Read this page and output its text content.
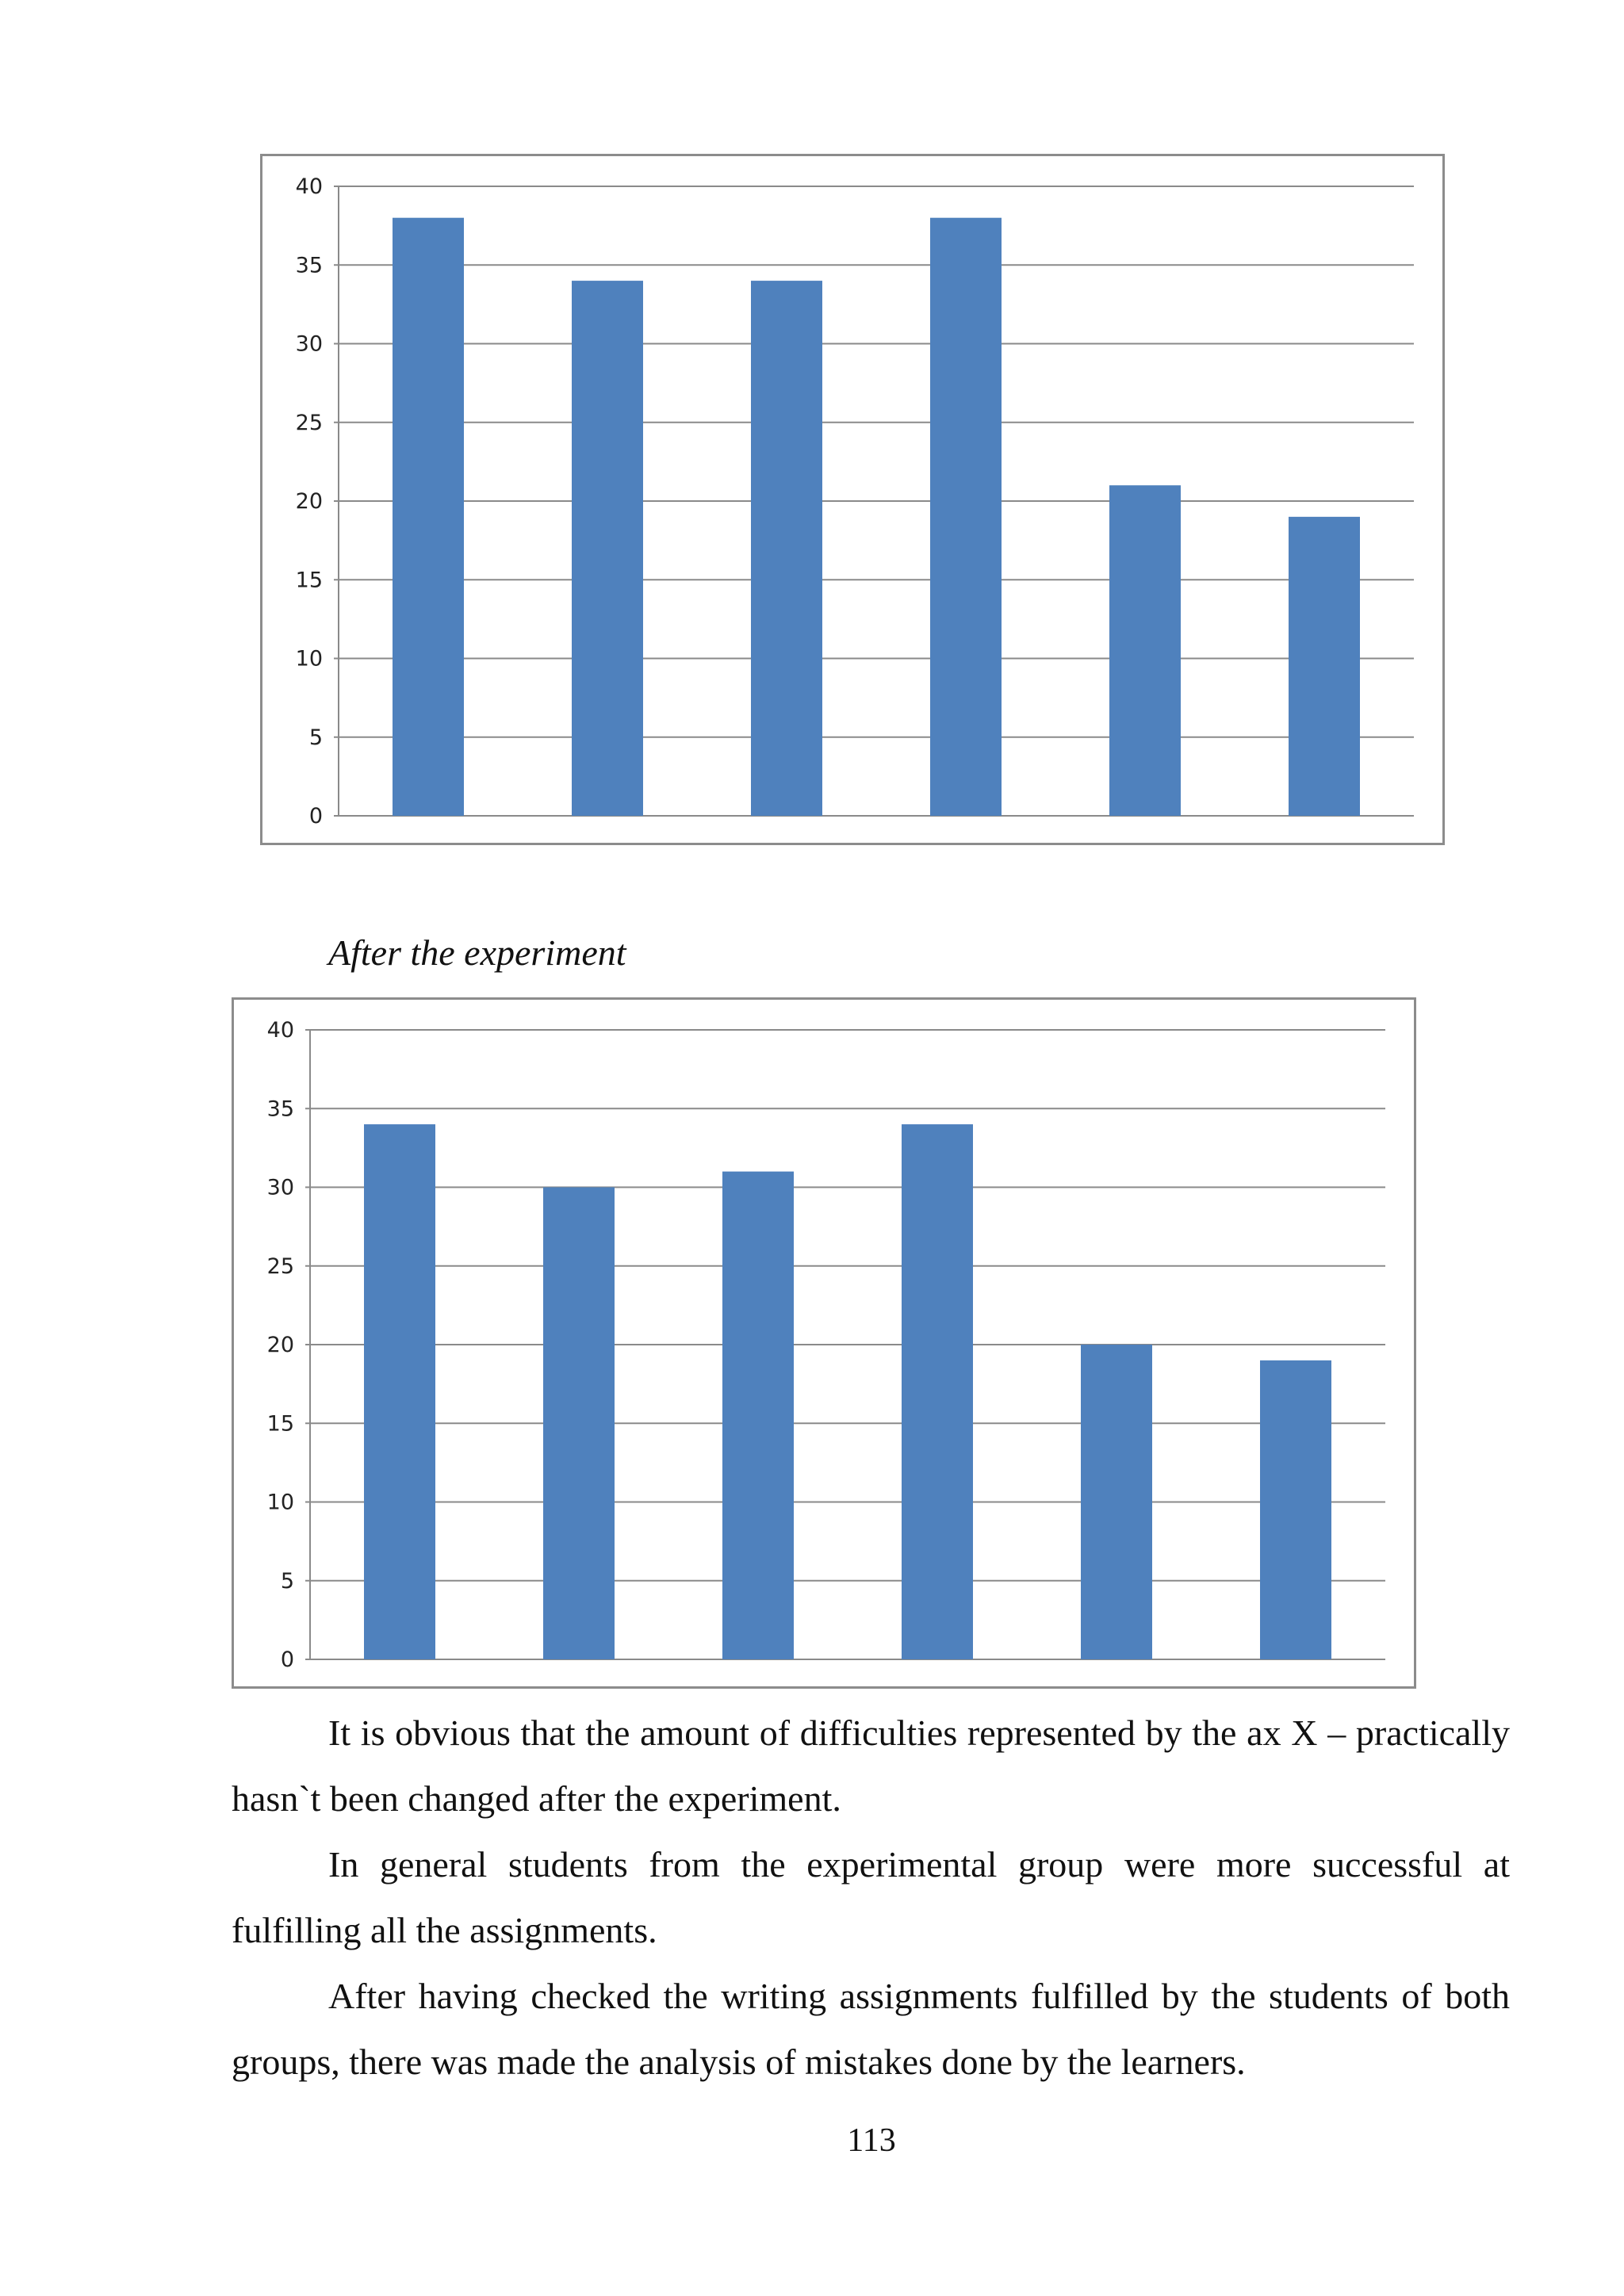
0
5
10
15
20
25
30
35
40
After the experiment
0
5
10
15
20
25
30
35
40

It is obvious that the amount of difficulties represented by the ax X – practically hasn`t been changed after the experiment.

In general students from the experimental group were more successful at fulfilling all the assignments.

After having checked the writing assignments fulfilled by the students of both groups, there was made the analysis of mistakes done by the learners.

113
